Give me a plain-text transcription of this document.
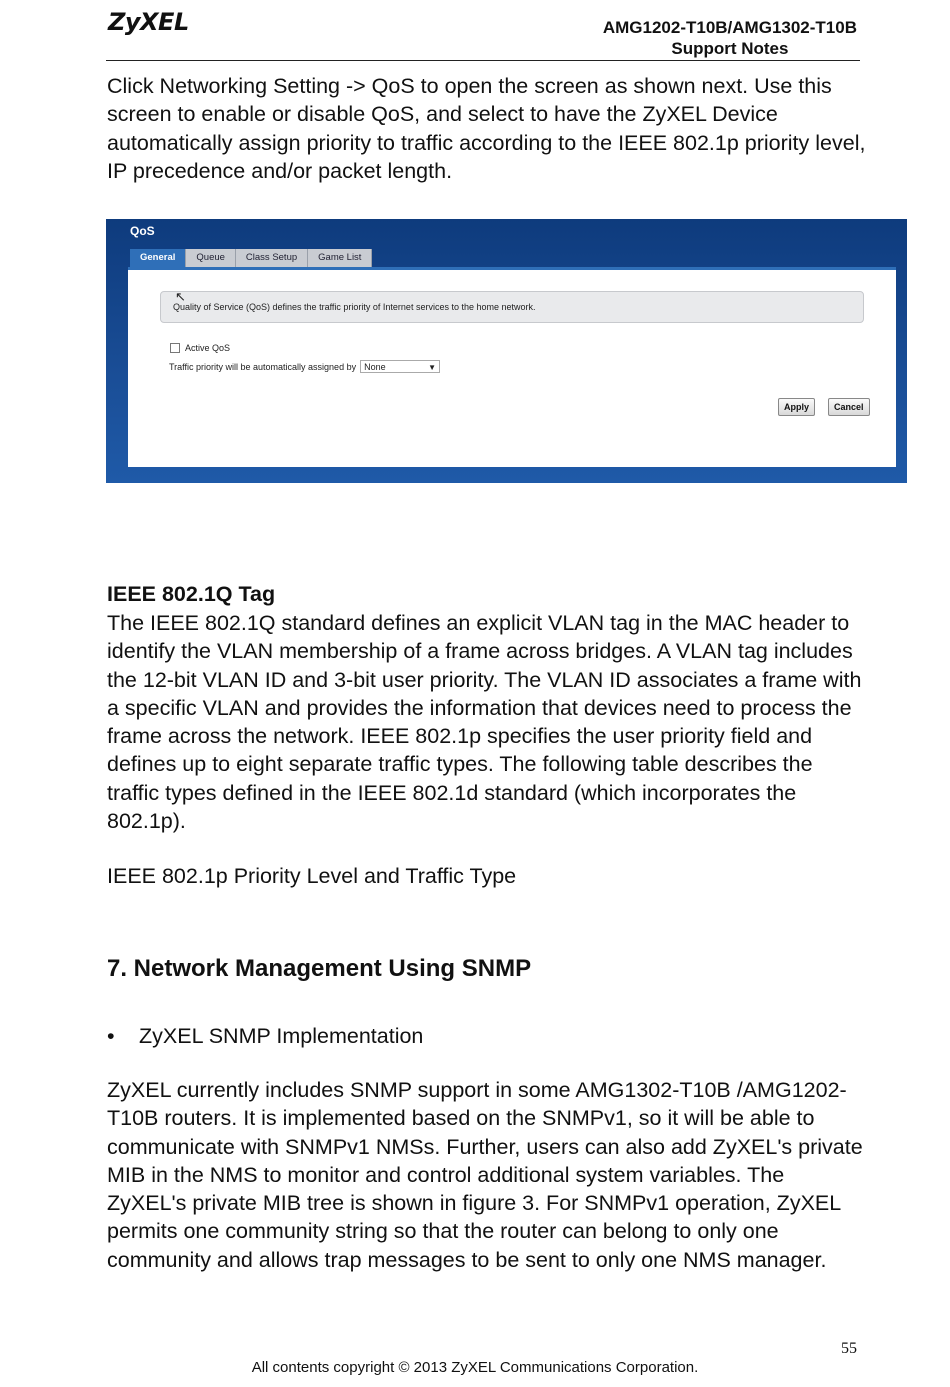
ZyXEL	AMG1202-T10B/AMG1302-T10B
Support Notes
Click Networking Setting -> QoS to open the screen as shown next. Use this screen to enable or disable QoS, and select to have the ZyXEL Device automatically assign priority to traffic according to the IEEE 802.1p priority level, IP precedence and/or packet length.
QoS
General	Queue	Class Setup	Game List
↖
Quality of Service (QoS) defines the traffic priority of Internet services to the home network.
Active QoS
Traffic priority will be automatically assigned by None	▼
Apply	Cancel
IEEE 802.1Q Tag
The IEEE 802.1Q standard defines an explicit VLAN tag in the MAC header to identify the VLAN membership of a frame across bridges. A VLAN tag includes the 12-bit VLAN ID and 3-bit user priority. The VLAN ID associates a frame with a specific VLAN and provides the information that devices need to process the frame across the network. IEEE 802.1p specifies the user priority field and defines up to eight separate traffic types. The following table describes the traffic types defined in the IEEE 802.1d standard (which incorporates the 802.1p).
IEEE 802.1p Priority Level and Traffic Type
7. Network Management Using SNMP
•	ZyXEL SNMP Implementation
ZyXEL currently includes SNMP support in some AMG1302-T10B /AMG1202-T10B routers. It is implemented based on the SNMPv1, so it will be able to communicate with SNMPv1 NMSs. Further, users can also add ZyXEL's private MIB in the NMS to monitor and control additional system variables. The ZyXEL's private MIB tree is shown in figure 3. For SNMPv1 operation, ZyXEL permits one community string so that the router can belong to only one community and allows trap messages to be sent to only one NMS manager.
55
All contents copyright © 2013 ZyXEL Communications Corporation.
